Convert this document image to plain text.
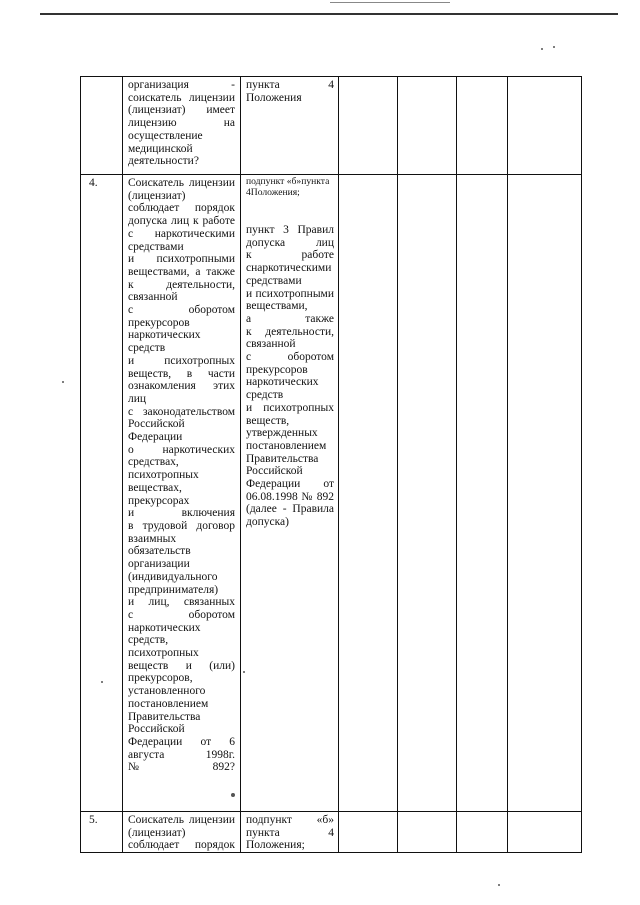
организация -
соискатель лицензии
(лицензиат) имеет
лицензию на
осуществление
медицинской
деятельности?
пункта 4
Положения
4.	Соискатель лицензии
(лицензиат)
соблюдает порядок
допуска лиц к работе
с наркотическими
средствами
и психотропными
веществами, а также
к деятельности,
связанной
с оборотом
прекурсоров
наркотических
средств
и психотропных
веществ, в части
ознакомления этих
лиц
с законодательством
Российской
Федерации
о наркотических
средствах,
психотропных
веществах,
прекурсорах
и включения
в трудовой договор
взаимных
обязательств
организации
(индивидуального
предпринимателя)
и лиц, связанных
с оборотом
наркотических
средств,
психотропных
веществ и (или)
прекурсоров,
установленного
постановлением
Правительства
Российской
Федерации от 6
августа 1998г.
№ 892?
подпункт «б»пункта 4Положения;
пункт 3 Правил
допуска лиц
к работе
снаркотическими
средствами
и психотропными
веществами,
а также
к деятельности,
связанной
с оборотом
прекурсоров
наркотических
средств
и психотропных
веществ,
утвержденных
постановлением
Правительства
Российской
Федерации от
06.08.1998 № 892
(далее - Правила
допуска)
5.	Соискатель лицензии
(лицензиат)
соблюдает порядок
подпункт «б»
пункта 4
Положения;
